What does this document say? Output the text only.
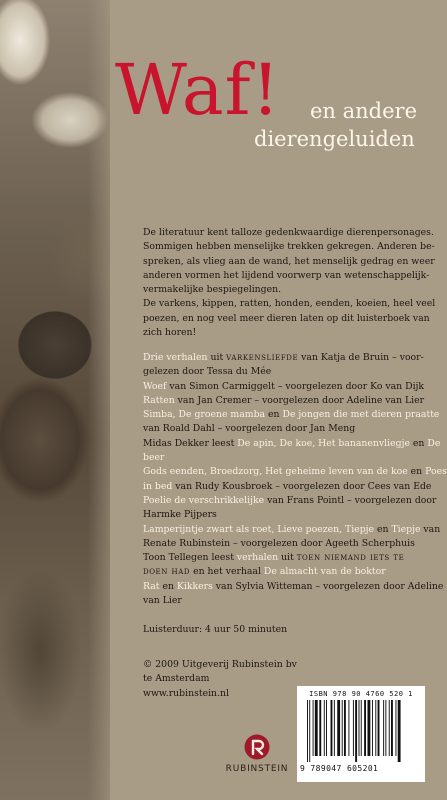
Waf! en andere
dierengeluiden
De literatuur kent talloze gedenkwaardige dierenpersonages.
Sommigen hebben menselijke trekken gekregen. Anderen be-
spreken, als vlieg aan de wand, het menselijk gedrag en weer
anderen vormen het lijdend voorwerp van wetenschappelijk-
vermakelijke bespiegelingen.
De varkens, kippen, ratten, honden, eenden, koeien, heel veel
poezen, en nog veel meer dieren laten op dit luisterboek van
zich horen!
Drie verhalen uit varkensliefde van Katja de Bruin – voor-
gelezen door Tessa du Mée
Woef van Simon Carmiggelt – voorgelezen door Ko van Dijk
Ratten van Jan Cremer – voorgelezen door Adeline van Lier
Simba, De groene mamba en De jongen die met dieren praatte
van Roald Dahl – voorgelezen door Jan Meng
Midas Dekker leest De apin, De koe, Het bananenvliegje en De
beer
Gods eenden, Broedzorg, Het geheime leven van de koe en Poes
in bed van Rudy Kousbroek – voorgelezen door Cees van Ede
Poelie de verschrikkelijke van Frans Pointl – voorgelezen door
Harmke Pijpers
Lamperijntje zwart als roet, Lieve poezen, Tiepje en Tiepje van
Renate Rubinstein – voorgelezen door Ageeth Scherphuis
Toon Tellegen leest verhalen uit toen niemand iets te
doen had en het verhaal De almacht van de boktor
Rat en Kikkers van Sylvia Witteman – voorgelezen door Adeline
van Lier
Luisterduur: 4 uur 50 minuten
© 2009 Uitgeverij Rubinstein bv
te Amsterdam
www.rubinstein.nl	ISBN 978 90 4760 520 1
9 789047 605201
RUBINSTEIN
